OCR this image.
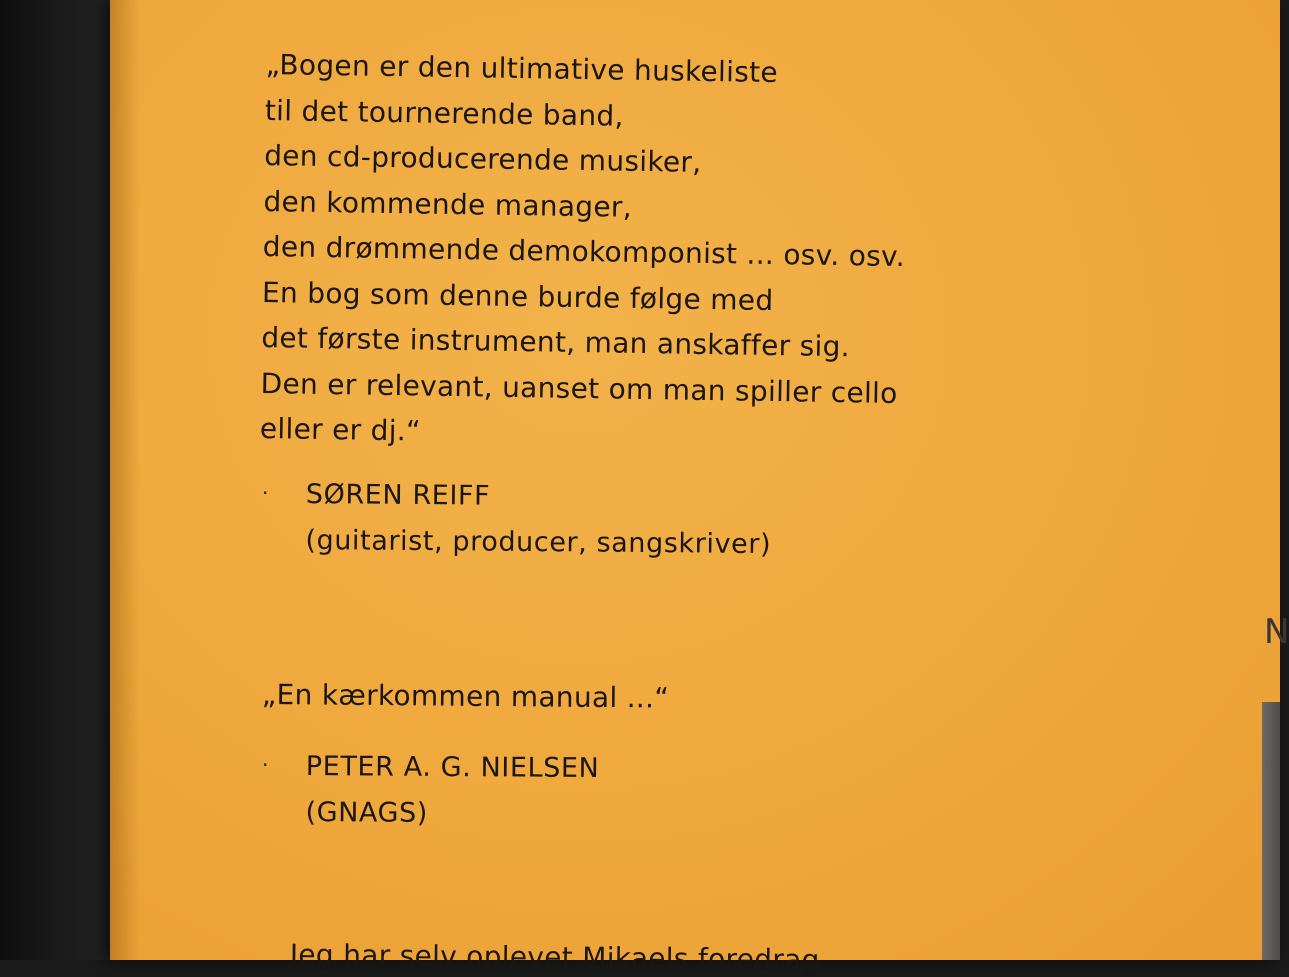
„Bogen er den ultimative huskeliste
til det tournerende band,
den cd-producerende musiker,
den kommende manager,
den drømmende demokomponist ... osv. osv.
En bog som denne burde følge med
det første instrument, man anskaffer sig.
Den er relevant, uanset om man spiller cello
eller er dj.“
· SØREN REIFF
(guitarist, producer, sangskriver)
„En kærkommen manual ...“
· PETER A. G. NIELSEN
(GNAGS)
Jeg har selv oplevet Mikaels foredrag
N
